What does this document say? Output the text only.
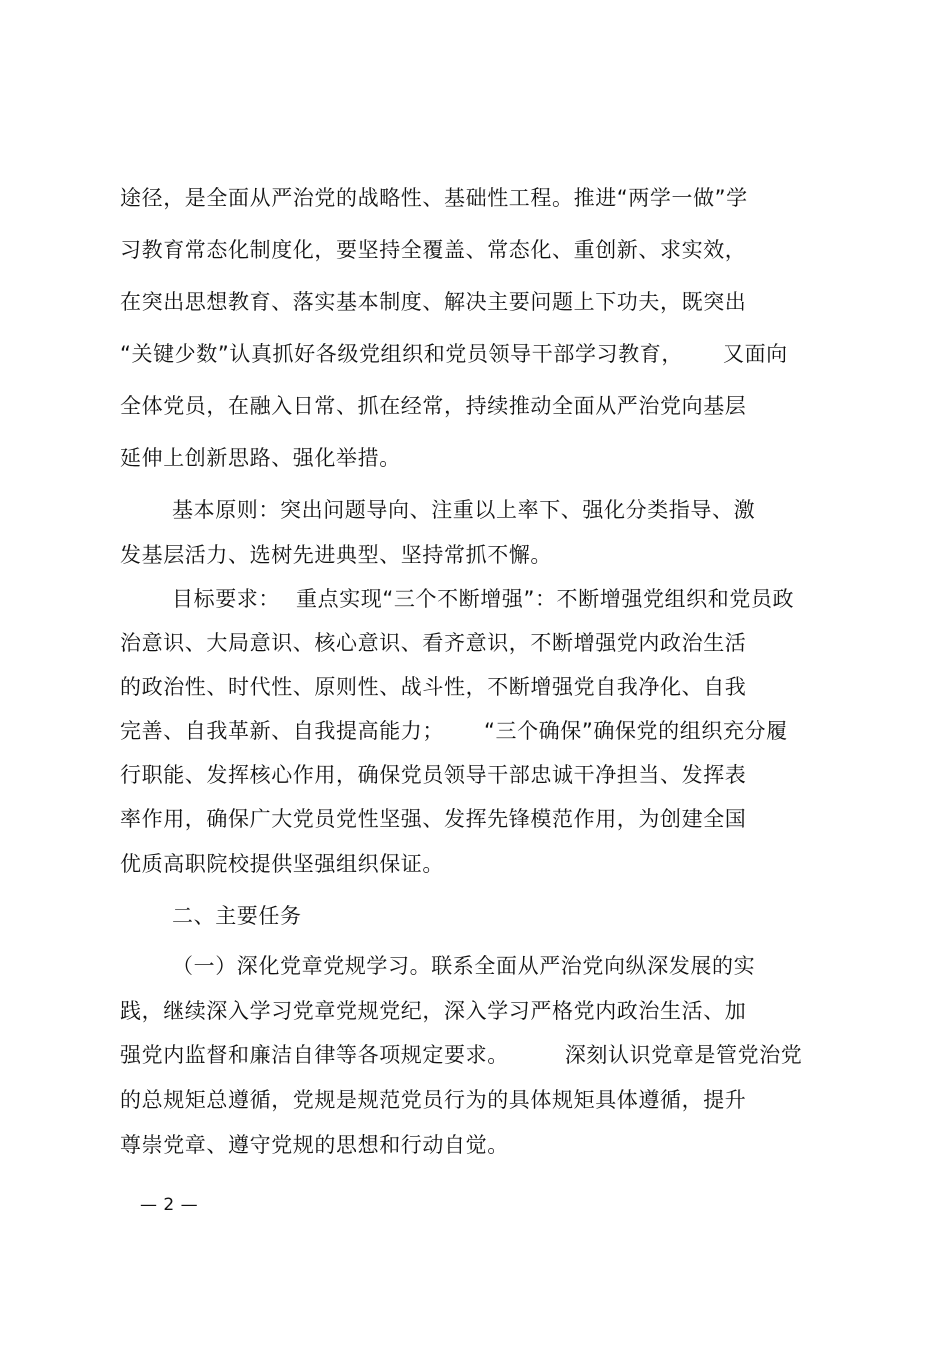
途径，是全面从严治党的战略性、基础性工程。推进“两学一做”学
习教育常态化制度化，要坚持全覆盖、常态化、重创新、求实效，
在突出思想教育、落实基本制度、解决主要问题上下功夫，既突出
“关键少数”认真抓好各级党组织和党员领导干部学习教育， 又面向
全体党员，在融入日常、抓在经常，持续推动全面从严治党向基层
延伸上创新思路、强化举措。
基本原则：突出问题导向、注重以上率下、强化分类指导、激
发基层活力、选树先进典型、坚持常抓不懈。
目标要求： 重点实现“三个不断增强”：不断增强党组织和党员政
治意识、大局意识、核心意识、看齐意识，不断增强党内政治生活
的政治性、时代性、原则性、战斗性，不断增强党自我净化、自我
完善、自我革新、自我提高能力； “三个确保”确保党的组织充分履
行职能、发挥核心作用，确保党员领导干部忠诚干净担当、发挥表
率作用，确保广大党员党性坚强、发挥先锋模范作用，为创建全国
优质高职院校提供坚强组织保证。
二、主要任务
（一）深化党章党规学习。联系全面从严治党向纵深发展的实
践，继续深入学习党章党规党纪，深入学习严格党内政治生活、加
强党内监督和廉洁自律等各项规定要求。	深刻认识党章是管党治党
的总规矩总遵循，党规是规范党员行为的具体规矩具体遵循，提升
尊崇党章、遵守党规的思想和行动自觉。
— 2 —
